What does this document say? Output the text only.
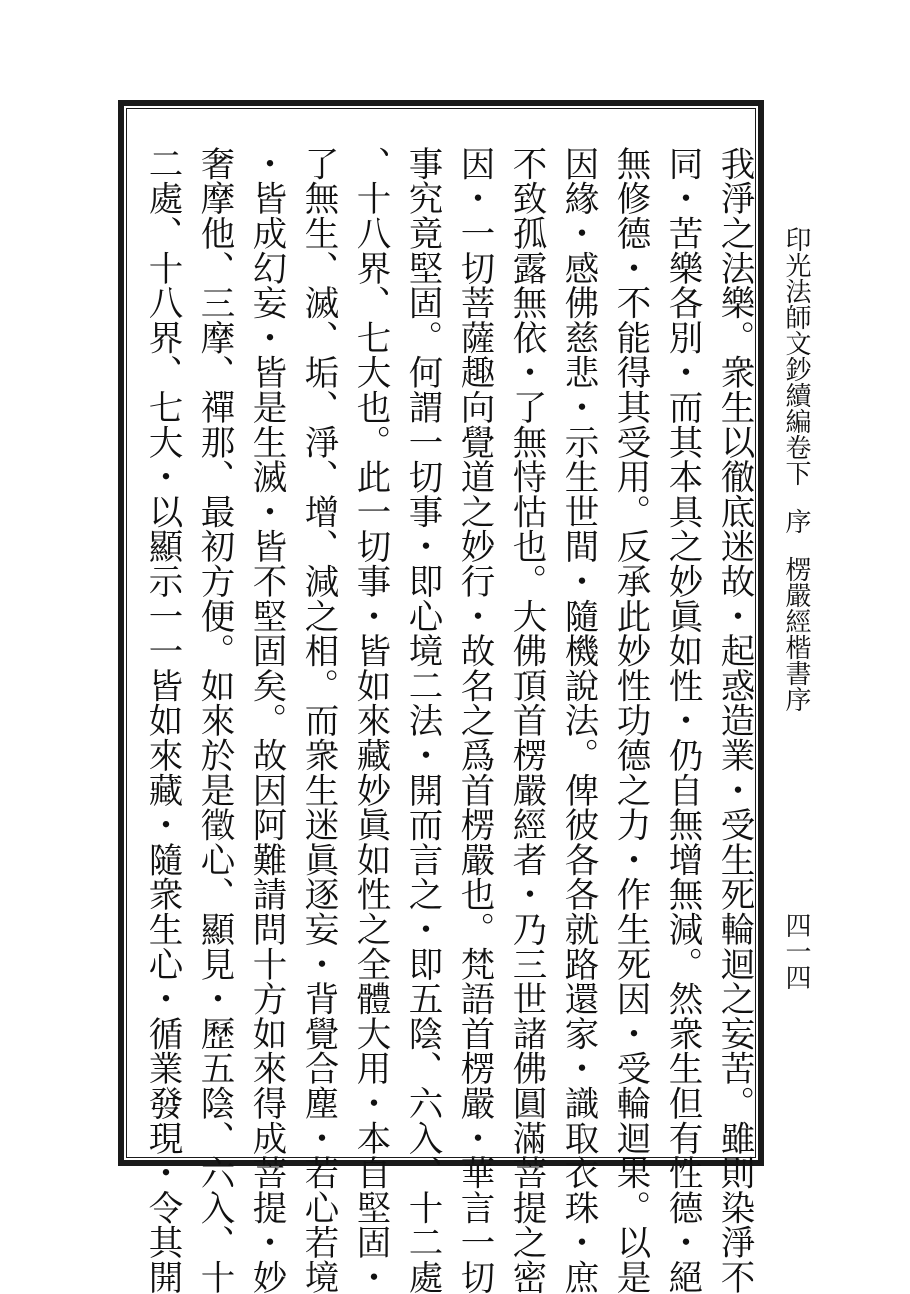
印光法師文鈔續編卷下序楞嚴經楷書序
四一四
我淨之法樂。衆生以徹底迷故・起惑造業・受生死輪迴之妄苦。雖則染淨不
同・苦樂各別・而其本具之妙眞如性・仍自無增無減。然衆生但有性德・絕
無修德・不能得其受用。反承此妙性功德之力・作生死因・受輪迴果。以是
因緣・感佛慈悲・示生世間・隨機說法。俾彼各各就路還家・識取衣珠・庶
不致孤露無依・了無恃怙也。大佛頂首楞嚴經者・乃三世諸佛圓滿菩提之密
因・一切菩薩趣向覺道之妙行・故名之爲首楞嚴也。梵語首楞嚴・華言一切
事究竟堅固。何謂一切事・即心境二法・開而言之・即五陰、六入、十二處
、十八界、七大也。此一切事・皆如來藏妙眞如性之全體大用・本自堅固・
了無生、滅、垢、淨、增、減之相。而衆生迷眞逐妄・背覺合塵・若心若境
・皆成幻妄・皆是生滅・皆不堅固矣。故因阿難請問十方如來得成菩提・妙
奢摩他、三摩、禪那、最初方便。如來於是徵心、顯見・歷五陰、六入、十
二處、十八界、七大・以顯示一一皆如來藏・隨衆生心・循業發現・令其開
